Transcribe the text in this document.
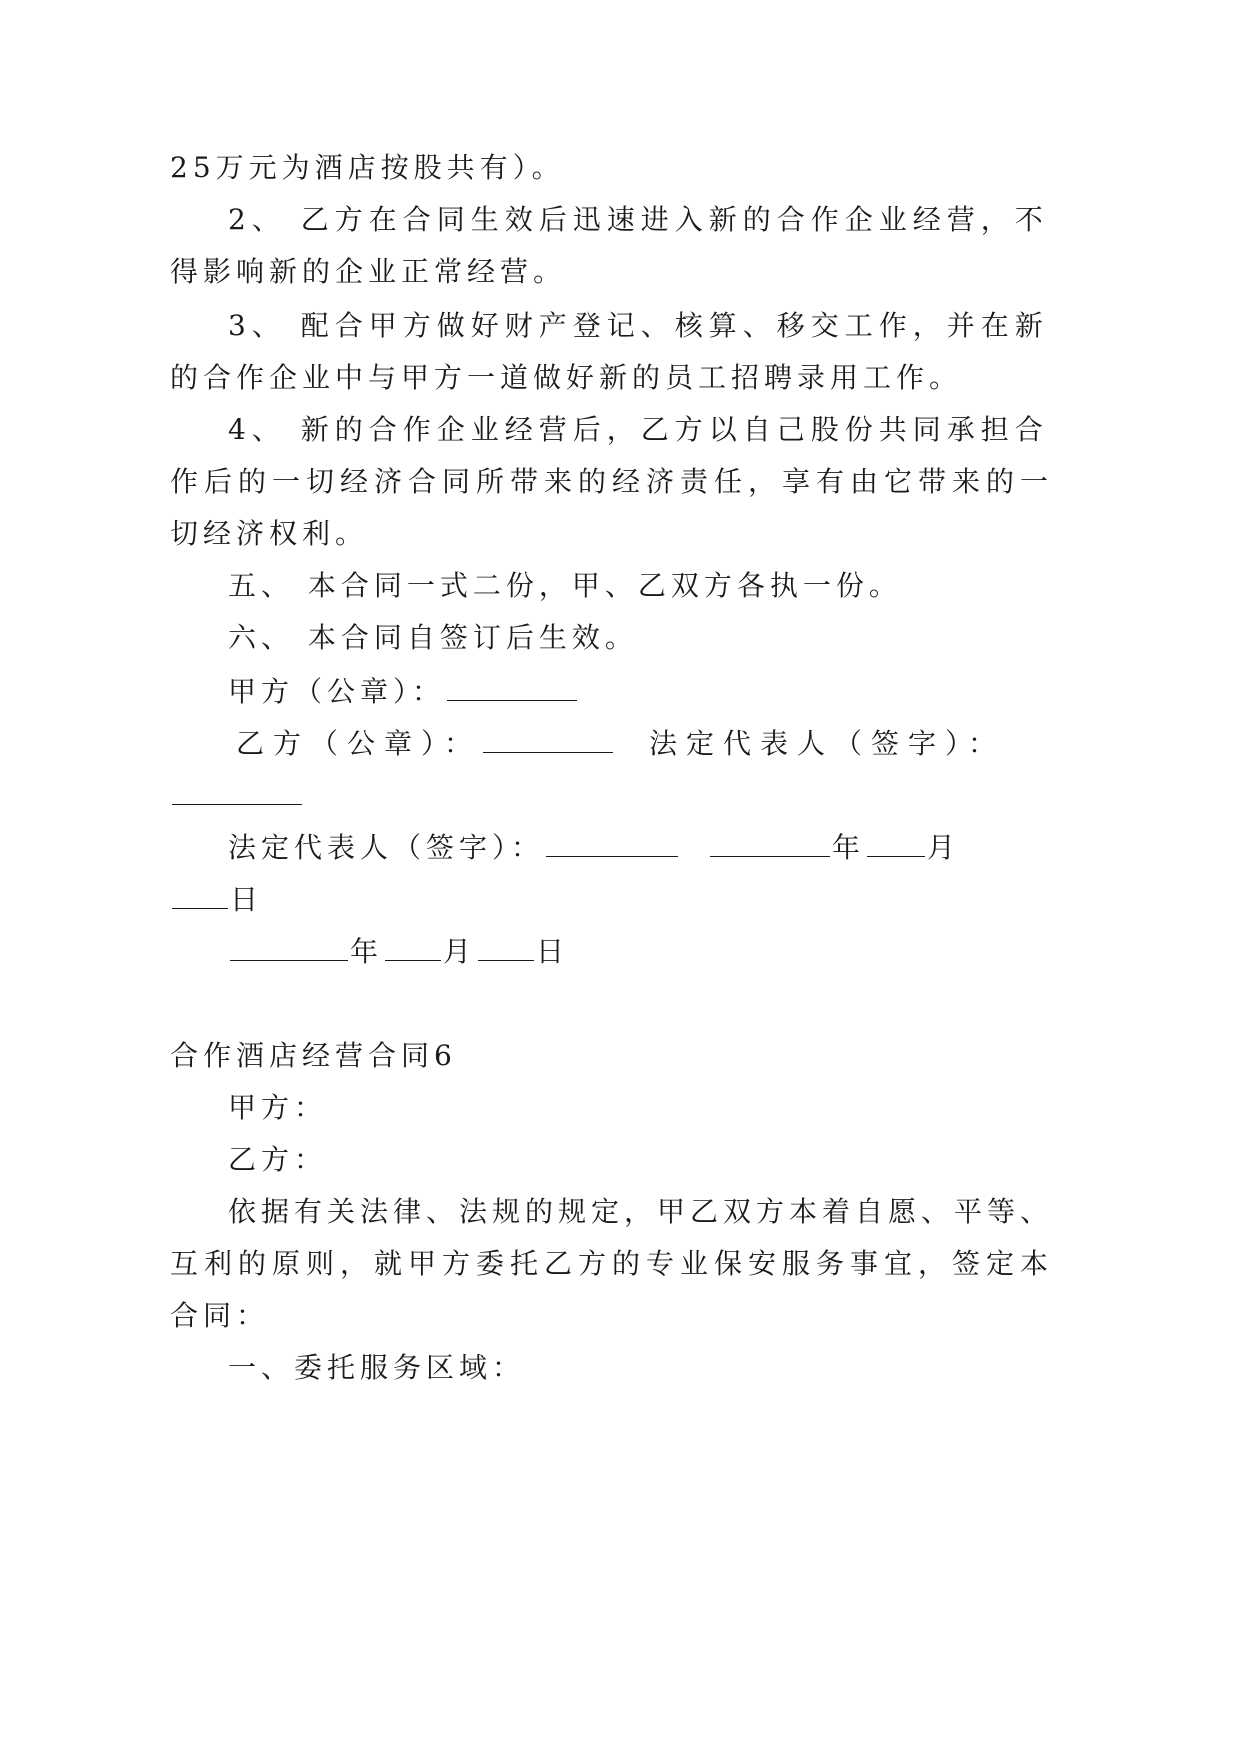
25万元为酒店按股共有）。
2、 乙方在合同生效后迅速进入新的合作企业经营，不
得影响新的企业正常经营。
3、 配合甲方做好财产登记、核算、移交工作，并在新
的合作企业中与甲方一道做好新的员工招聘录用工作。
4、 新的合作企业经营后，乙方以自己股份共同承担合
作后的一切经济合同所带来的经济责任，享有由它带来的一
切经济权利。
五、 本合同一式二份，甲、乙双方各执一份。
六、 本合同自签订后生效。
甲方（公章）：
乙方（公章）：	法定代表人（签字）：
法定代表人（签字）：	年 月
日
年 月 日
合作酒店经营合同6
甲方：
乙方：
依据有关法律、法规的规定，甲乙双方本着自愿、平等、
互利的原则，就甲方委托乙方的专业保安服务事宜，签定本
合同：
一、委托服务区域：
